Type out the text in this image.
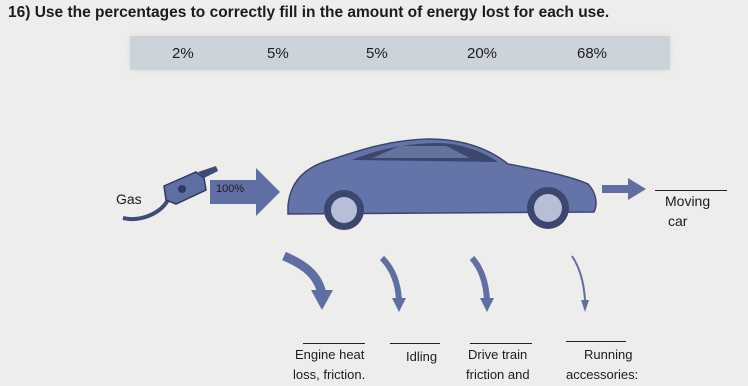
16) Use the percentages to correctly fill in the amount of energy lost for each use.
2%	5%	5%	20%	68%
Gas
100%
Moving
car
Engine heat
loss, friction.
Idling Drive train
friction and
Running
accessories:
